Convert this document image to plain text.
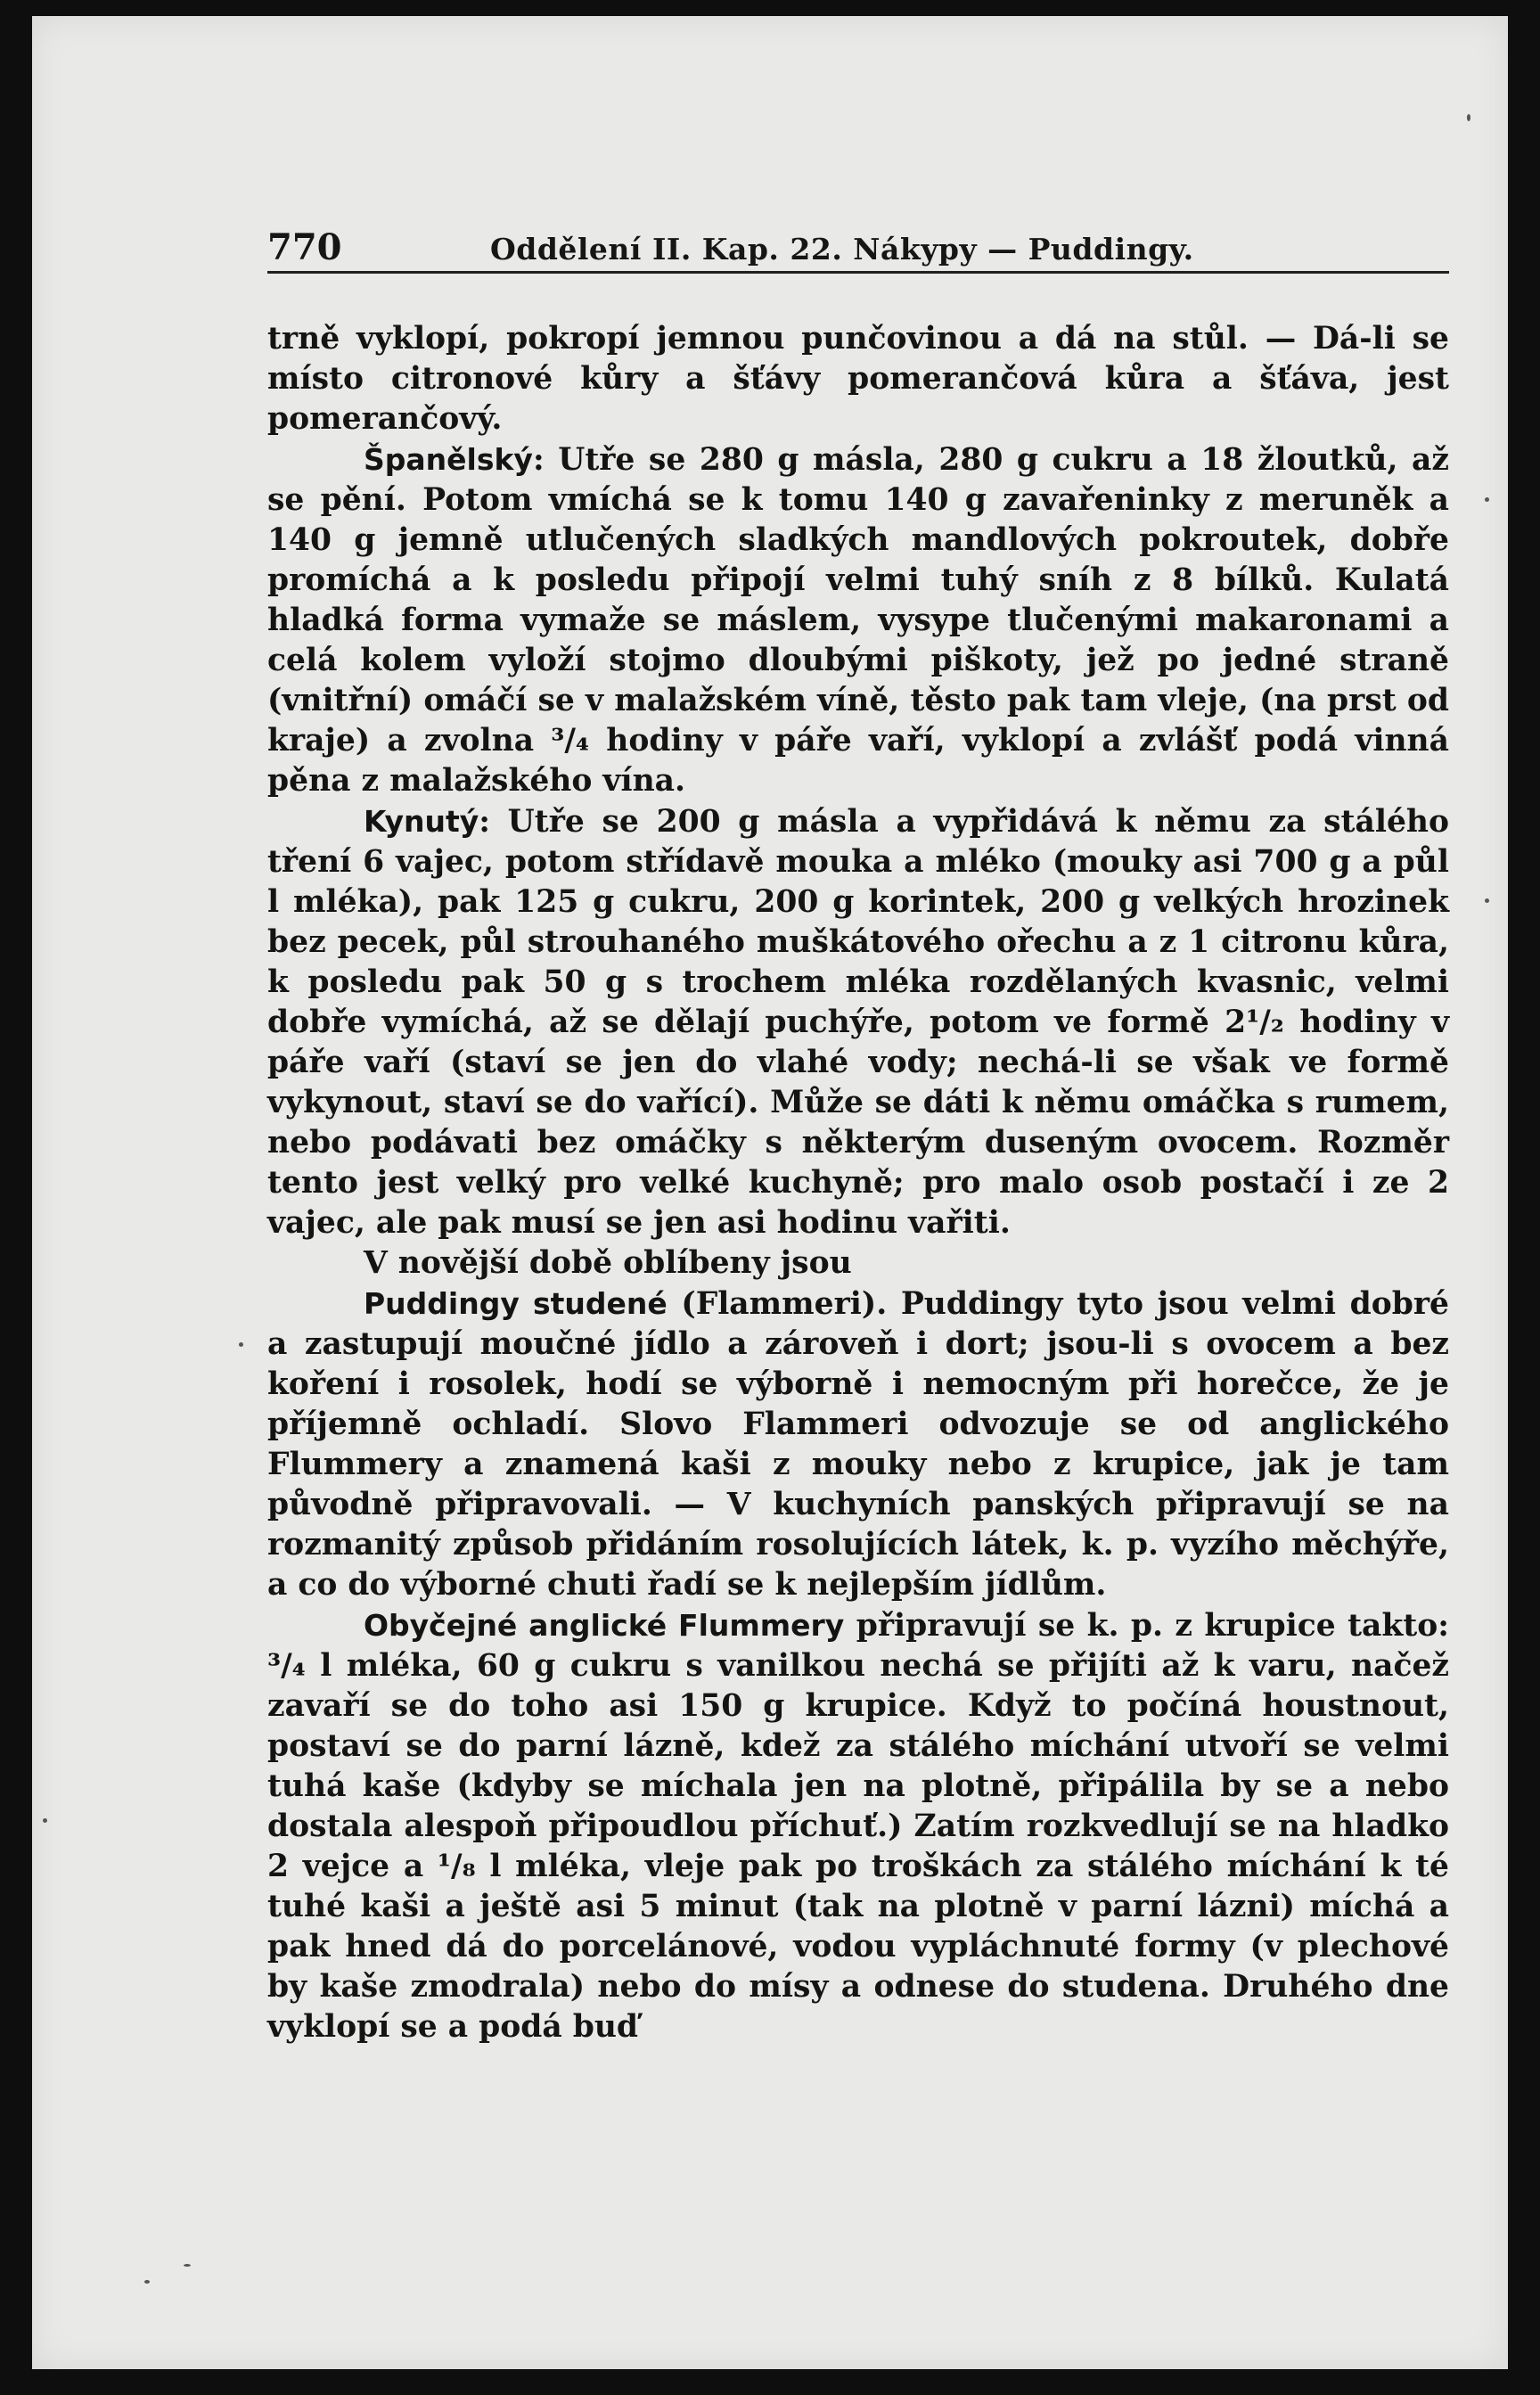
770	Oddělení II. Kap. 22. Nákypy — Puddingy.

trně vyklopí, pokropí jemnou punčovinou a dá na stůl. — Dá-li se místo citronové kůry a šťávy pomerančová kůra a šťáva, jest pomerančový.

Španělský: Utře se 280 g másla, 280 g cukru a 18 žloutků, až se pění. Potom vmíchá se k tomu 140 g zavařeninky z meruněk a 140 g jemně utlučených sladkých mandlových pokroutek, dobře promíchá a k posledu připojí velmi tuhý sníh z 8 bílků. Kulatá hladká forma vymaže se máslem, vysype tlučenými makaronami a celá kolem vyloží stojmo dloubými piškoty, jež po jedné straně (vnitřní) omáčí se v malažském víně, těsto pak tam vleje, (na prst od kraje) a zvolna ³/₄ hodiny v páře vaří, vyklopí a zvlášť podá vinná pěna z malažského vína.

Kynutý: Utře se 200 g másla a vypřidává k němu za stálého tření 6 vajec, potom střídavě mouka a mléko (mouky asi 700 g a půl l mléka), pak 125 g cukru, 200 g korintek, 200 g velkých hrozinek bez pecek, půl strouhaného muškátového ořechu a z 1 citronu kůra, k posledu pak 50 g s trochem mléka rozdělaných kvasnic, velmi dobře vymíchá, až se dělají puchýře, potom ve formě 2¹/₂ hodiny v páře vaří (staví se jen do vlahé vody; nechá-li se však ve formě vykynout, staví se do vařící). Může se dáti k němu omáčka s rumem, nebo podávati bez omáčky s některým duseným ovocem. Rozměr tento jest velký pro velké kuchyně; pro malo osob postačí i ze 2 vajec, ale pak musí se jen asi hodinu vařiti.

V novější době oblíbeny jsou

Puddingy studené (Flammeri). Puddingy tyto jsou velmi dobré a zastupují moučné jídlo a zároveň i dort; jsou-li s ovocem a bez koření i rosolek, hodí se výborně i nemocným při horečce, že je příjemně ochladí. Slovo Flammeri odvozuje se od anglického Flummery a znamená kaši z mouky nebo z krupice, jak je tam původně připravovali. — V kuchyních panských připravují se na rozmanitý způsob přidáním rosolujících látek, k. p. vyzího měchýře, a co do výborné chuti řadí se k nejlepším jídlům.

Obyčejné anglické Flummery připravují se k. p. z krupice takto: ³/₄ l mléka, 60 g cukru s vanilkou nechá se přijíti až k varu, načež zavaří se do toho asi 150 g krupice. Když to počíná houstnout, postaví se do parní lázně, kdež za stálého míchání utvoří se velmi tuhá kaše (kdyby se míchala jen na plotně, připálila by se a nebo dostala alespoň připoudlou příchuť.) Zatím rozkvedlují se na hladko 2 vejce a ¹/₈ l mléka, vleje pak po troškách za stálého míchání k té tuhé kaši a ještě asi 5 minut (tak na plotně v parní lázni) míchá a pak hned dá do porcelánové, vodou vypláchnuté formy (v plechové by kaše zmodrala) nebo do mísy a odnese do studena. Druhého dne vyklopí se a podá buď
